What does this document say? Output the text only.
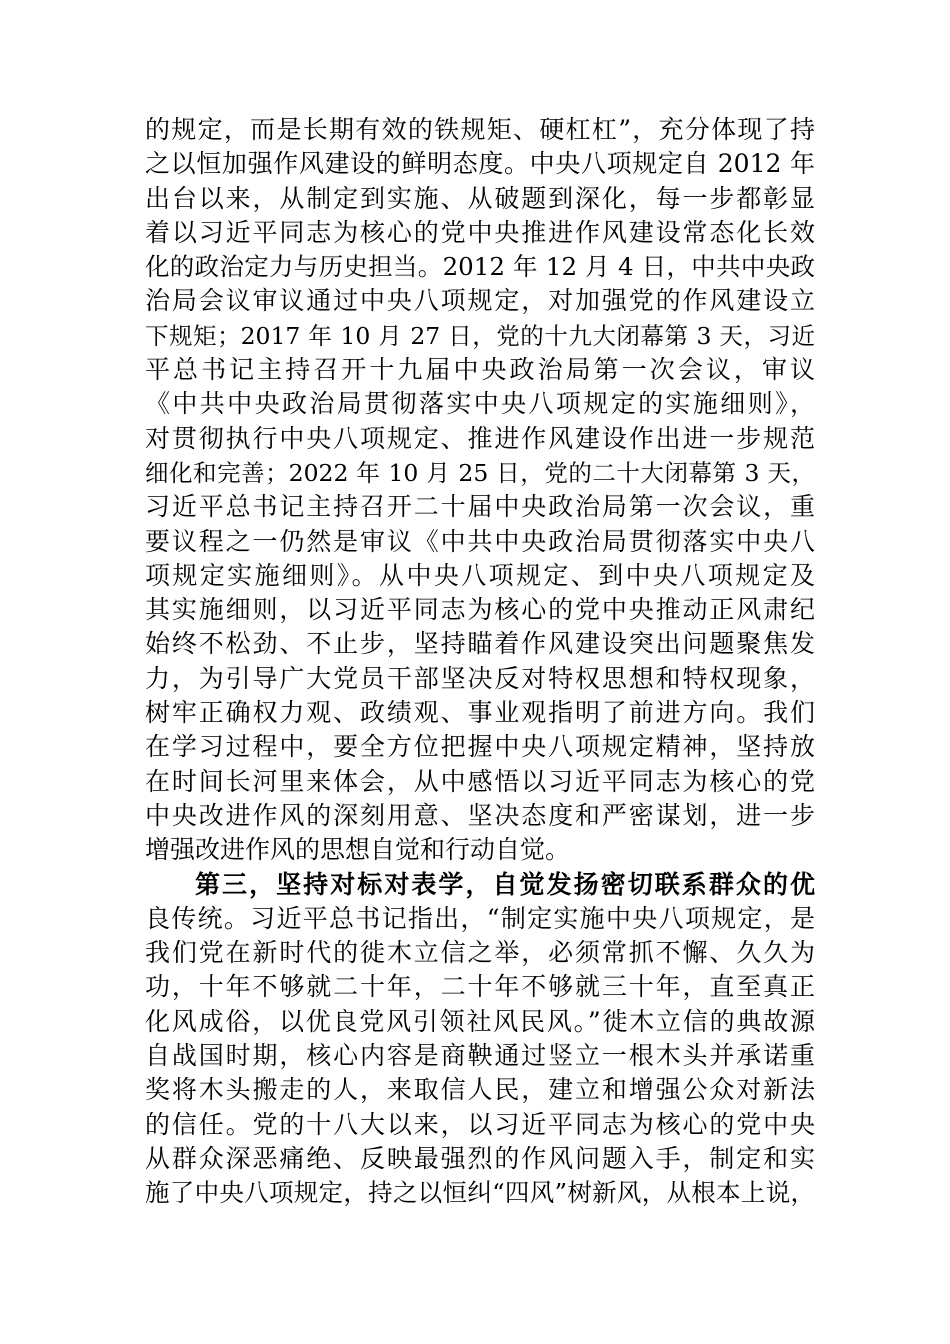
的规定，而是长期有效的铁规矩、硬杠杠”，充分体现了持
之以恒加强作风建设的鲜明态度。中央八项规定自 2012 年
出台以来，从制定到实施、从破题到深化，每一步都彰显
着以习近平同志为核心的党中央推进作风建设常态化长效
化的政治定力与历史担当。2012 年 12 月 4 日，中共中央政
治局会议审议通过中央八项规定，对加强党的作风建设立
下规矩；2017 年 10 月 27 日，党的十九大闭幕第 3 天，习近
平总书记主持召开十九届中央政治局第一次会议，审议
《中共中央政治局贯彻落实中央八项规定的实施细则》，
对贯彻执行中央八项规定、推进作风建设作出进一步规范
细化和完善；2022 年 10 月 25 日，党的二十大闭幕第 3 天，
习近平总书记主持召开二十届中央政治局第一次会议，重
要议程之一仍然是审议《中共中央政治局贯彻落实中央八
项规定实施细则》。从中央八项规定、到中央八项规定及
其实施细则，以习近平同志为核心的党中央推动正风肃纪
始终不松劲、不止步，坚持瞄着作风建设突出问题聚焦发
力，为引导广大党员干部坚决反对特权思想和特权现象，
树牢正确权力观、政绩观、事业观指明了前进方向。我们
在学习过程中，要全方位把握中央八项规定精神，坚持放
在时间长河里来体会，从中感悟以习近平同志为核心的党
中央改进作风的深刻用意、坚决态度和严密谋划，进一步
增强改进作风的思想自觉和行动自觉。
第三，坚持对标对表学，自觉发扬密切联系群众的优
良传统。习近平总书记指出，“制定实施中央八项规定，是
我们党在新时代的徙木立信之举，必须常抓不懈、久久为
功，十年不够就二十年，二十年不够就三十年，直至真正
化风成俗，以优良党风引领社风民风。”徙木立信的典故源
自战国时期，核心内容是商鞅通过竖立一根木头并承诺重
奖将木头搬走的人，来取信人民，建立和增强公众对新法
的信任。党的十八大以来，以习近平同志为核心的党中央
从群众深恶痛绝、反映最强烈的作风问题入手，制定和实
施了中央八项规定，持之以恒纠“四风”树新风，从根本上说，
